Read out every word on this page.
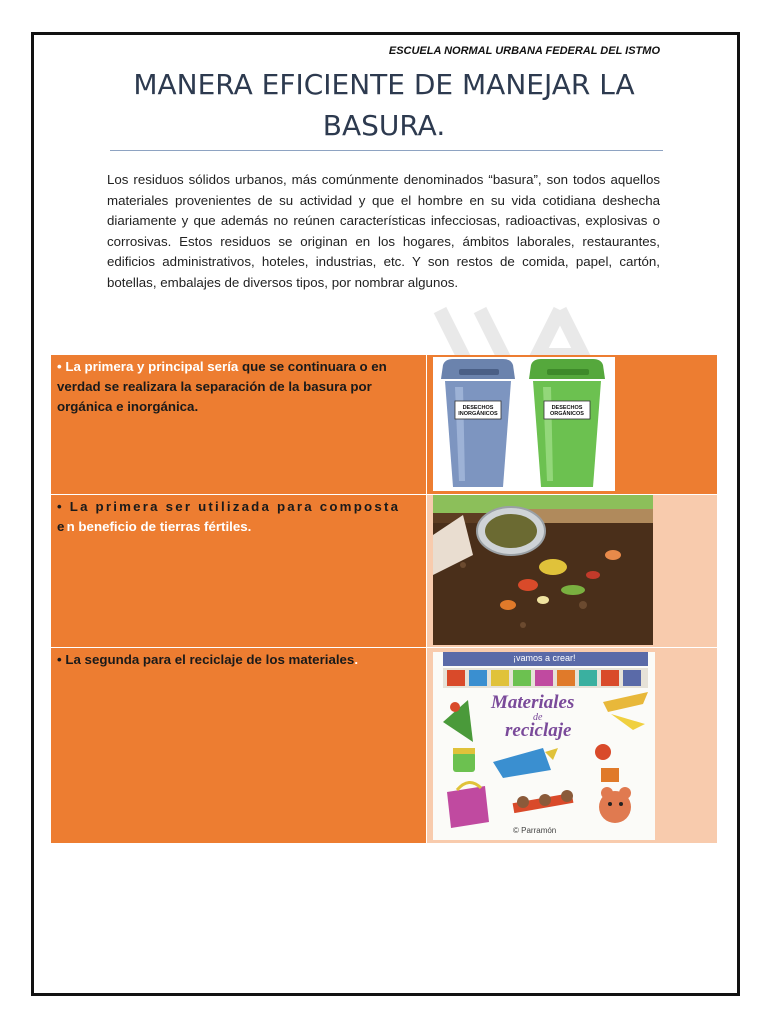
ESCUELA NORMAL URBANA FEDERAL DEL ISTMO
MANERA EFICIENTE DE MANEJAR LA
BASURA.
Los residuos sólidos urbanos, más comúnmente denominados “basura”, son todos aquellos materiales provenientes de su actividad y que el hombre en su vida cotidiana deshecha diariamente y que además no reúnen características infecciosas, radioactivas, explosivas o corrosivas. Estos residuos se originan en los hogares, ámbitos laborales, restaurantes, edificios administrativos, hoteles, industrias, etc. Y son restos de comida, papel, cartón, botellas, embalajes de diversos tipos, por nombrar algunos.
• La primera y principal sería que se continuara o en verdad se realizara la separación de la basura por orgánica e inorgánica.	DESECHOS INORGÁNICOS
DESECHOS ORGÁNICOS
• La primera ser utilizada para composta en beneficio de tierras fértiles.
• La segunda para el reciclaje de los materiales.	¡vamos a crear!
Materiales
de
reciclaje
© Parramón
